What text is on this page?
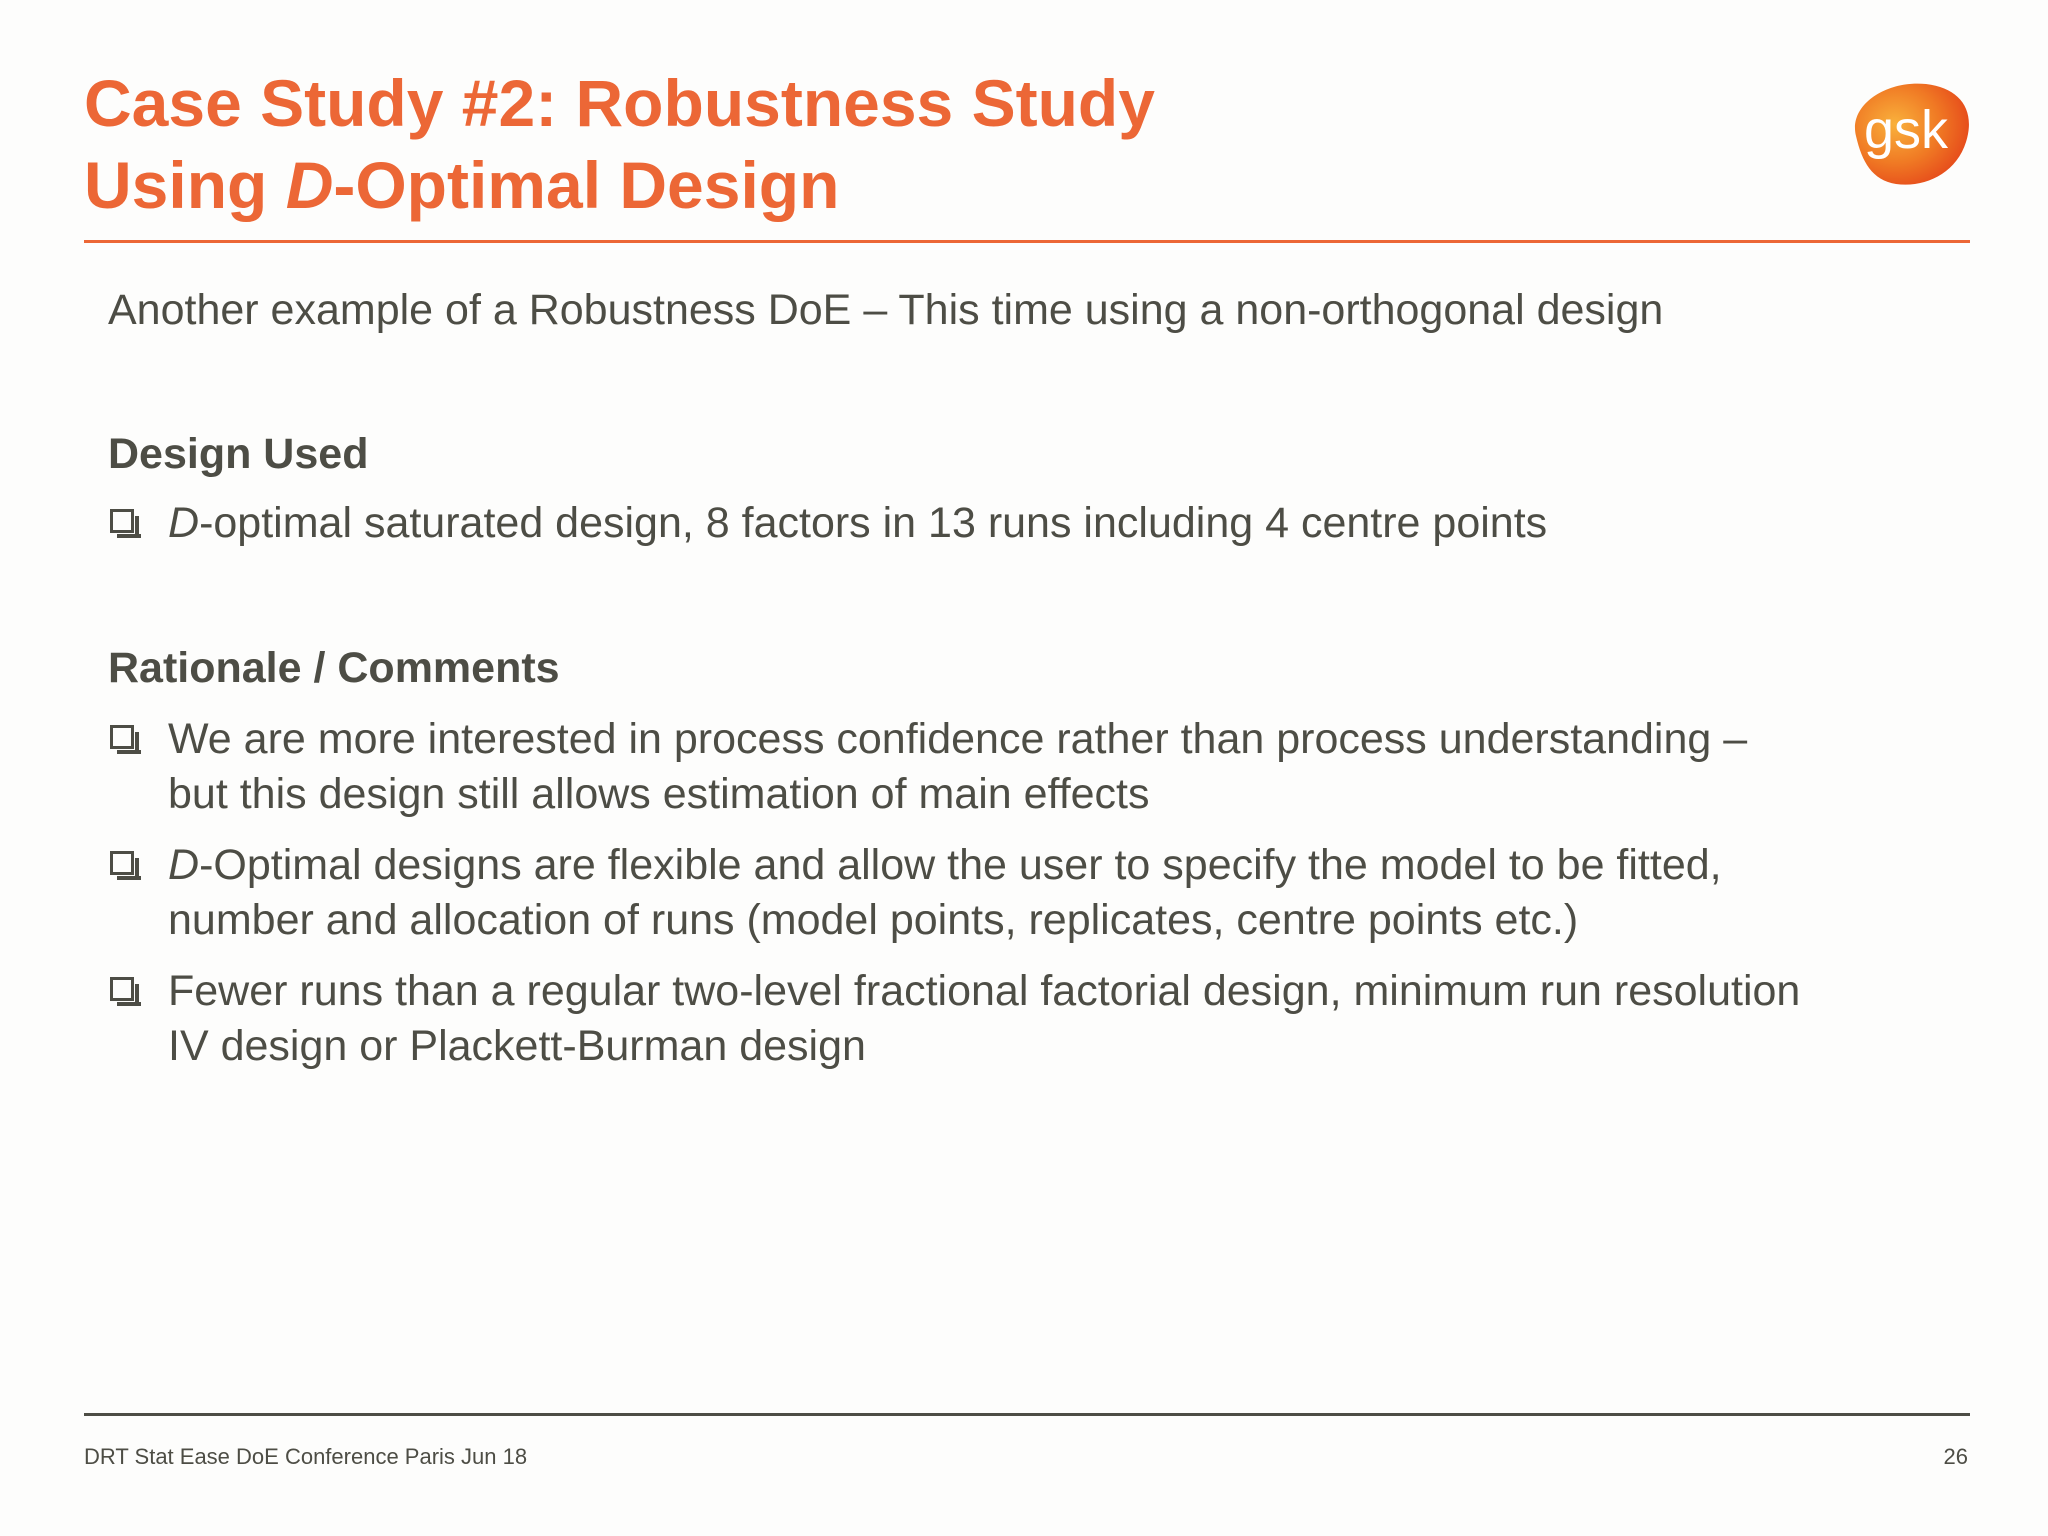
Case Study #2: Robustness Study
Using D-Optimal Design
gsk
Another example of a Robustness DoE – This time using a non-orthogonal design
Design Used
D-optimal saturated design, 8 factors in 13 runs including 4 centre points
Rationale / Comments
We are more interested in process confidence rather than process understanding –
but this design still allows estimation of main effects
D-Optimal designs are flexible and allow the user to specify the model to be fitted,
number and allocation of runs (model points, replicates, centre points etc.)
Fewer runs than a regular two-level fractional factorial design, minimum run resolution
IV design or Plackett-Burman design
DRT Stat Ease DoE Conference Paris Jun 18	26
